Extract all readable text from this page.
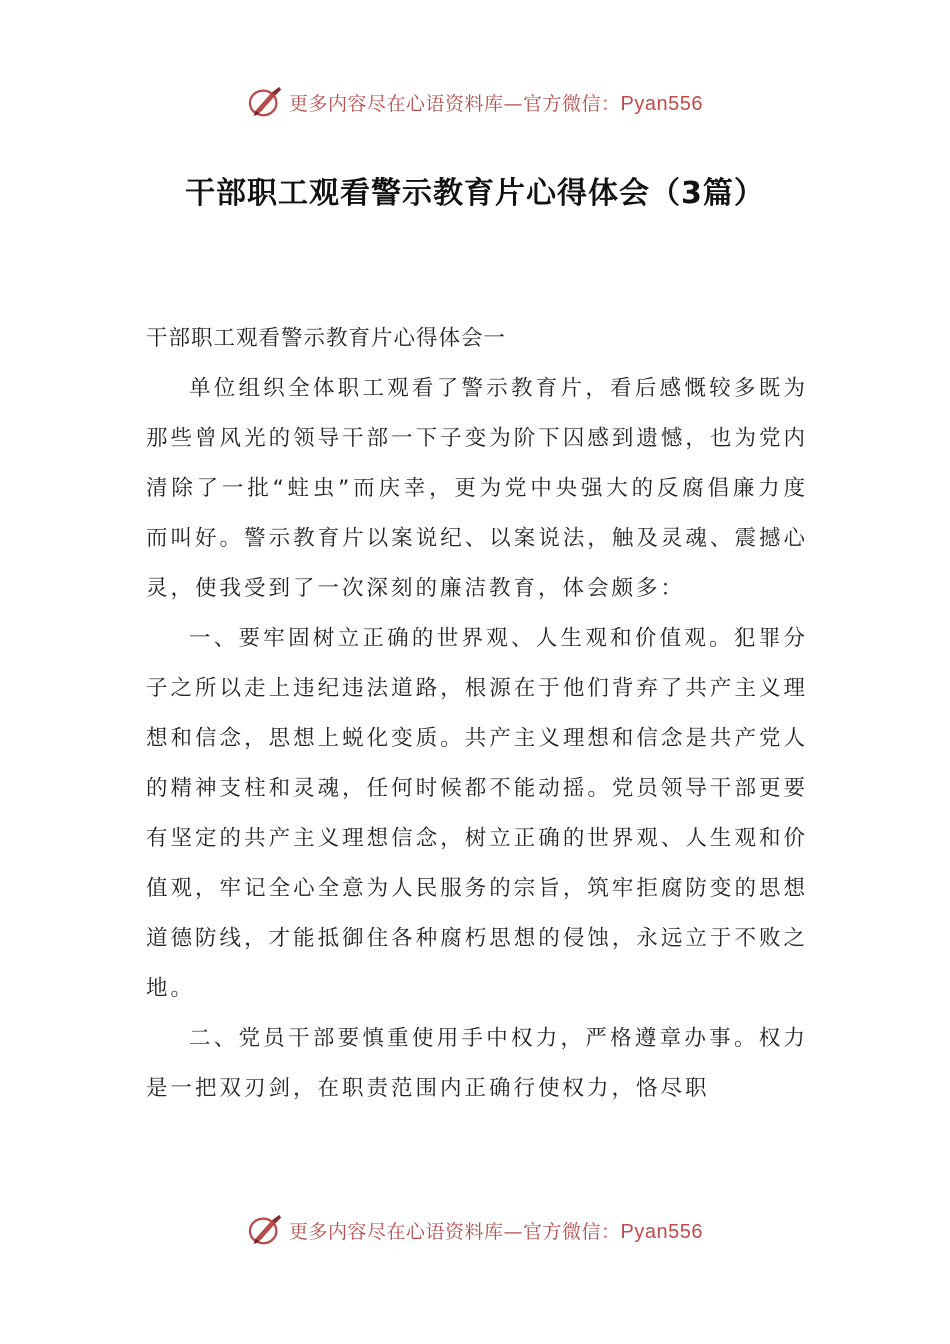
更多内容尽在心语资料库—官方微信：Pyan556
干部职工观看警示教育片心得体会（3篇）

干部职工观看警示教育片心得体会一

单位组织全体职工观看了警示教育片，看后感慨较多既为那些曾风光的领导干部一下子变为阶下囚感到遗憾，也为党内清除了一批“蛀虫”而庆幸，更为党中央强大的反腐倡廉力度而叫好。警示教育片以案说纪、以案说法，触及灵魂、震撼心灵，使我受到了一次深刻的廉洁教育，体会颇多：

一、要牢固树立正确的世界观、人生观和价值观。犯罪分子之所以走上违纪违法道路，根源在于他们背弃了共产主义理想和信念，思想上蜕化变质。共产主义理想和信念是共产党人的精神支柱和灵魂，任何时候都不能动摇。党员领导干部更要有坚定的共产主义理想信念，树立正确的世界观、人生观和价值观，牢记全心全意为人民服务的宗旨，筑牢拒腐防变的思想道德防线，才能抵御住各种腐朽思想的侵蚀，永远立于不败之地。

二、党员干部要慎重使用手中权力，严格遵章办事。权力是一把双刃剑，在职责范围内正确行使权力，恪尽职

更多内容尽在心语资料库—官方微信：Pyan556
